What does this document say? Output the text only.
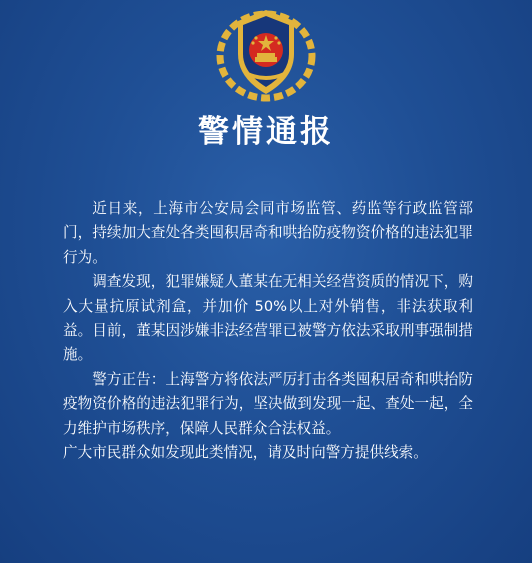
警情通报

近日来，上海市公安局会同市场监管、药监等行政监管部门，持续加大查处各类囤积居奇和哄抬防疫物资价格的违法犯罪行为。

调查发现，犯罪嫌疑人董某在无相关经营资质的情况下，购入大量抗原试剂盒，并加价 50%以上对外销售，非法获取利益。目前，董某因涉嫌非法经营罪已被警方依法采取刑事强制措施。

警方正告：上海警方将依法严厉打击各类囤积居奇和哄抬防疫物资价格的违法犯罪行为，坚决做到发现一起、查处一起，全力维护市场秩序，保障人民群众合法权益。

广大市民群众如发现此类情况，请及时向警方提供线索。
